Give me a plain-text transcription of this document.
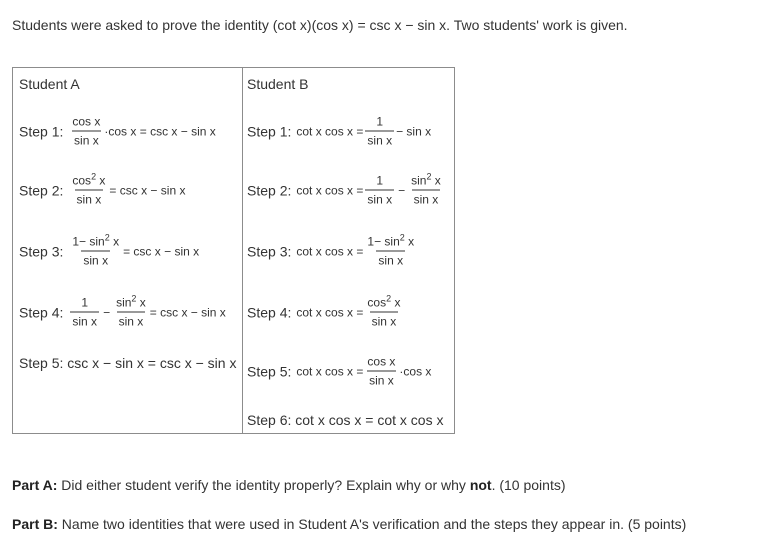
Students were asked to prove the identity (cot x)(cos x) = csc x − sin x. Two students' work is given.
Student A
Step 1: $\frac{\text{cos x}}{\text{sin x}} \cdot\cos$ x = csc x − sin x
Step 2: $\frac{\cos^2 x}{\text{sin x}} = \csc x - \sin x$
Step 3: $\frac{1- \sin^2 x}{\text{sin x}} = \csc x - \sin x$
Step 4: $\frac{1}{\text{sin x}} - \frac{\sin^2 x}{\text{sin x}} = \csc x - \sin x$
Step 5: csc x − sin x = csc x − sin x
Student B
Step 1: cot x $\cos x = \frac{1}{\text{sin x}} - \sin x$
Step 2: cot x $\cos x = \frac{1}{\text{sin x}} - \frac{\sin^2 x}{\text{sin x}}$
Step 3: cot x $\cos x = \frac{1- \sin^2 x}{\text{sin x}}$
Step 4: cot x $\cos x = \frac{\cos^2 x}{\text{sin x}}$
Step 5: cot x $\cos x = \frac{\text{cos x}}{\text{sin x}} \cdot\cos$ x
Step 6: cot x cos x = cot x cos x
Part A: Did either student verify the identity properly? Explain why or why not. (10 points)
Part B: Name two identities that were used in Student A's verification and the steps they appear in. (5 points)
